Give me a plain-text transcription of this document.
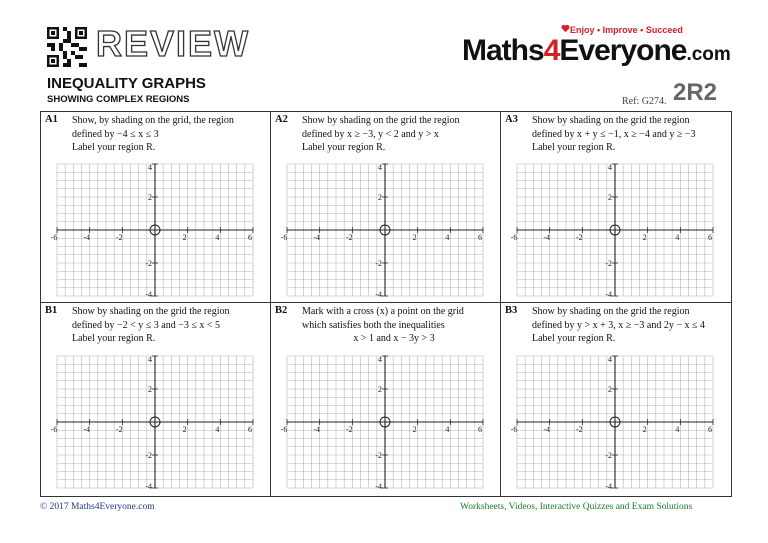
REVIEW	Enjoy • Improve • Succeed
Maths4Everyone.com
INEQUALITY GRAPHS
SHOWING COMPLEX REGIONS	Ref: G274. 2R2
A1 Show, by shading on the grid, the region
defined by −4 ≤ x ≤ 3
Label your region R.
-6	-4	-2	2	4	6
4
2
-2
-4
A2 Show by shading on the grid the region
defined by x ≥ −3, y < 2 and y > x
Label your region R.
-6	-4	-2	2	4	6
4
2
-2
-4
A3 Show by shading on the grid the region
defined by x + y ≤ −1, x ≥ −4 and y ≥ −3
Label your region R.
-6	-4	-2	2	4	6
4
2
-2
-4
B1 Show by shading on the grid the region
defined by −2 < y ≤ 3 and −3 ≤ x < 5
Label your region R.
-6	-4	-2	2	4	6
4
2
-2
-4
B2 Mark with a cross (x) a point on the grid
which satisfies both the inequalities
x > 1 and x − 3y > 3
-6	-4	-2	2	4	6
4
2
-2
-4
B3 Show by shading on the grid the region
defined by y > x + 3, x ≥ −3 and 2y − x ≤ 4
Label your region R.
-6	-4	-2	2	4	6
4
2
-2
-4
© 2017 Maths4Everyone.com	Worksheets, Videos, Interactive Quizzes and Exam Solutions
